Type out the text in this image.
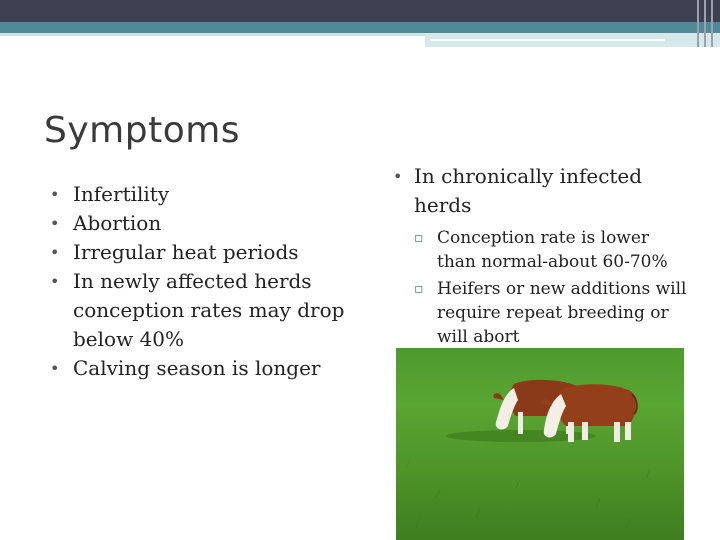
Symptoms
• Infertility
• Abortion
• Irregular heat periods
• In newly affected herds conception rates may drop below 40%
• Calving season is longer
• In chronically infected herds
▫ Conception rate is lower than normal-about 60-70%
▫ Heifers or new additions will require repeat breeding or will abort
